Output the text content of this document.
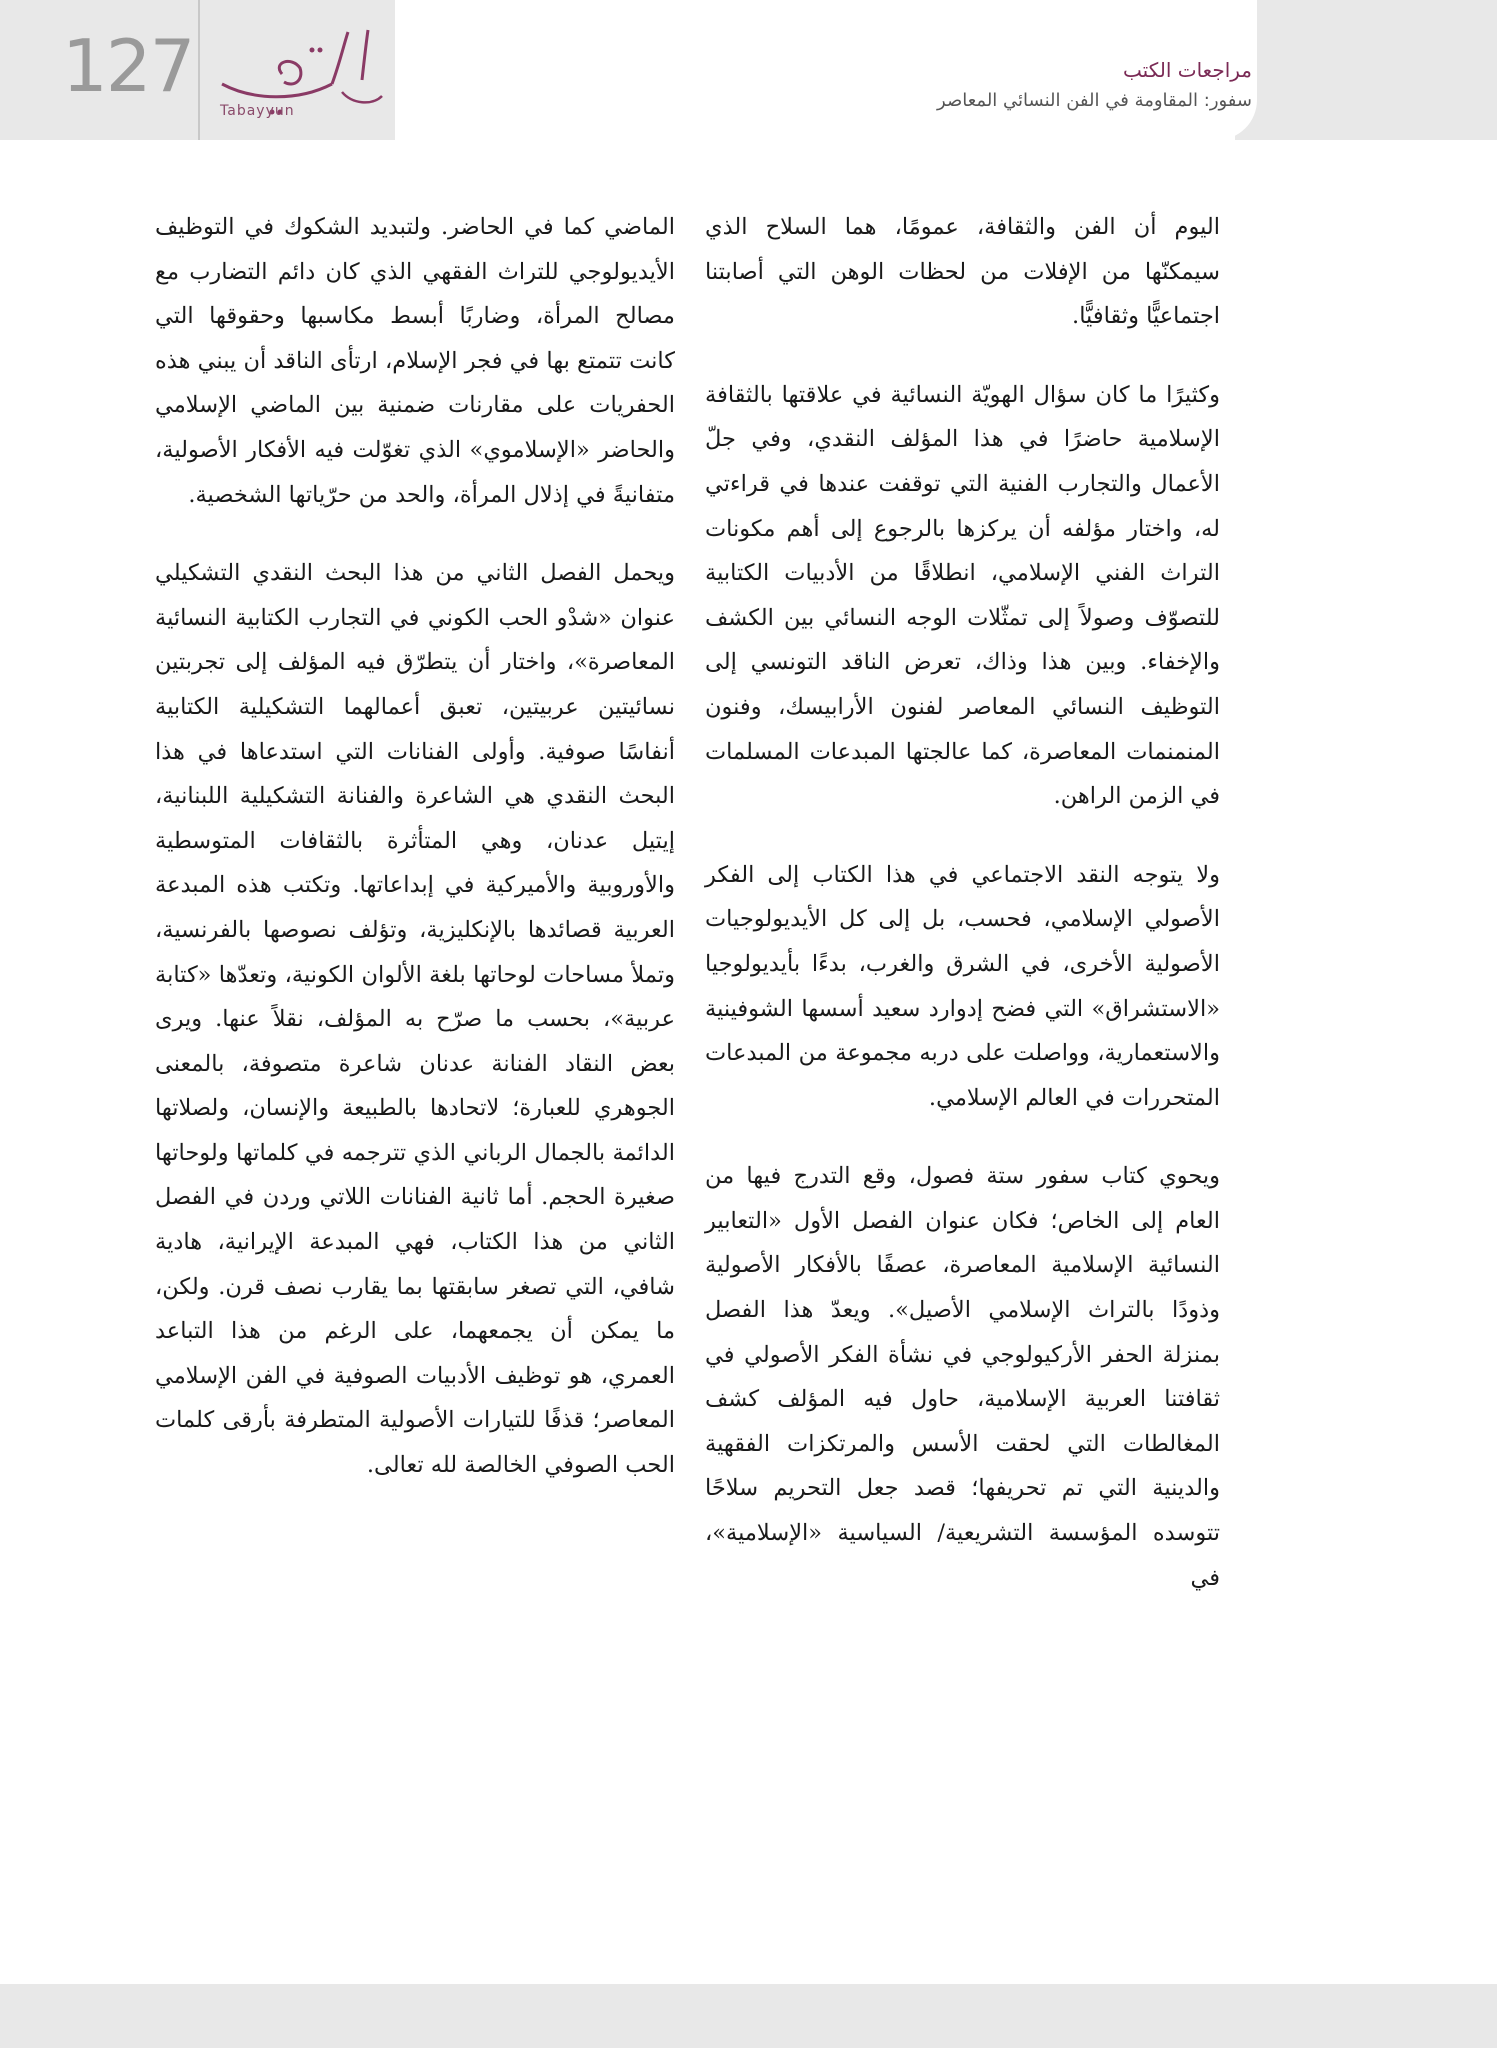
127
Tabayyun
مراجعات الكتب
سفور: المقاومة في الفن النسائي المعاصر

اليوم أن الفن والثقافة، عمومًا، هما السلاح الذي سيمكنّها من الإفلات من لحظات الوهن التي أصابتنا اجتماعيًّا وثقافيًّا.

وكثيرًا ما كان سؤال الهويّة النسائية في علاقتها بالثقافة الإسلامية حاضرًا في هذا المؤلف النقدي، وفي جلّ الأعمال والتجارب الفنية التي توقفت عندها في قراءتي له، واختار مؤلفه أن يركزها بالرجوع إلى أهم مكونات التراث الفني الإسلامي، انطلاقًا من الأدبيات الكتابية للتصوّف وصولاً إلى تمثّلات الوجه النسائي بين الكشف والإخفاء. وبين هذا وذاك، تعرض الناقد التونسي إلى التوظيف النسائي المعاصر لفنون الأرابيسك، وفنون المنمنمات المعاصرة، كما عالجتها المبدعات المسلمات في الزمن الراهن.

ولا يتوجه النقد الاجتماعي في هذا الكتاب إلى الفكر الأصولي الإسلامي، فحسب، بل إلى كل الأيديولوجيات الأصولية الأخرى، في الشرق والغرب، بدءًا بأيديولوجيا «الاستشراق» التي فضح إدوارد سعيد أسسها الشوفينية والاستعمارية، وواصلت على دربه مجموعة من المبدعات المتحررات في العالم الإسلامي.

ويحوي كتاب سفور ستة فصول، وقع التدرج فيها من العام إلى الخاص؛ فكان عنوان الفصل الأول «التعابير النسائية الإسلامية المعاصرة، عصفًا بالأفكار الأصولية وذودًا بالتراث الإسلامي الأصيل». ويعدّ هذا الفصل بمنزلة الحفر الأركيولوجي في نشأة الفكر الأصولي في ثقافتنا العربية الإسلامية، حاول فيه المؤلف كشف المغالطات التي لحقت الأسس والمرتكزات الفقهية والدينية التي تم تحريفها؛ قصد جعل التحريم سلاحًا تتوسده المؤسسة التشريعية/ السياسية «الإسلامية»، في

الماضي كما في الحاضر. ولتبديد الشكوك في التوظيف الأيديولوجي للتراث الفقهي الذي كان دائم التضارب مع مصالح المرأة، وضاربًا أبسط مكاسبها وحقوقها التي كانت تتمتع بها في فجر الإسلام، ارتأى الناقد أن يبني هذه الحفريات على مقارنات ضمنية بين الماضي الإسلامي والحاضر «الإسلاموي» الذي تغوّلت فيه الأفكار الأصولية، متفانيةً في إذلال المرأة، والحد من حرّياتها الشخصية.

ويحمل الفصل الثاني من هذا البحث النقدي التشكيلي عنوان «شدْو الحب الكوني في التجارب الكتابية النسائية المعاصرة»، واختار أن يتطرّق فيه المؤلف إلى تجربتين نسائيتين عربيتين، تعبق أعمالهما التشكيلية الكتابية أنفاسًا صوفية. وأولى الفنانات التي استدعاها في هذا البحث النقدي هي الشاعرة والفنانة التشكيلية اللبنانية، إيتيل عدنان، وهي المتأثرة بالثقافات المتوسطية والأوروبية والأميركية في إبداعاتها. وتكتب هذه المبدعة العربية قصائدها بالإنكليزية، وتؤلف نصوصها بالفرنسية، وتملأ مساحات لوحاتها بلغة الألوان الكونية، وتعدّها «كتابة عربية»، بحسب ما صرّح به المؤلف، نقلاً عنها. ويرى بعض النقاد الفنانة عدنان شاعرة متصوفة، بالمعنى الجوهري للعبارة؛ لاتحادها بالطبيعة والإنسان، ولصلاتها الدائمة بالجمال الرباني الذي تترجمه في كلماتها ولوحاتها صغيرة الحجم. أما ثانية الفنانات اللاتي وردن في الفصل الثاني من هذا الكتاب، فهي المبدعة الإيرانية، هادية شافي، التي تصغر سابقتها بما يقارب نصف قرن. ولكن، ما يمكن أن يجمعهما، على الرغم من هذا التباعد العمري، هو توظيف الأدبيات الصوفية في الفن الإسلامي المعاصر؛ قذفًا للتيارات الأصولية المتطرفة بأرقى كلمات الحب الصوفي الخالصة لله تعالى.
